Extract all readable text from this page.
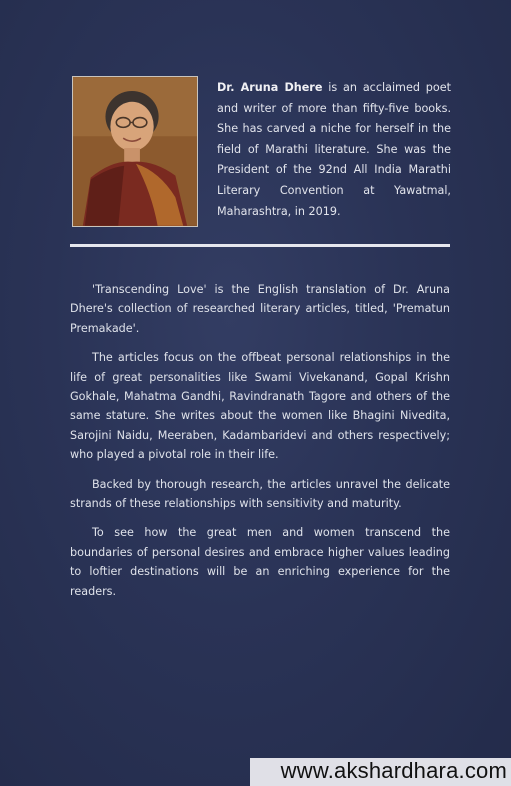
Dr. Aruna Dhere is an acclaimed poet and writer of more than fifty-five books. She has carved a niche for herself in the field of Marathi literature. She was the President of the 92nd All India Marathi Literary Convention at Yawatmal, Maharashtra, in 2019.

'Transcending Love' is the English translation of Dr. Aruna Dhere's collection of researched literary articles, titled, 'Prematun Premakade'.

The articles focus on the offbeat personal relationships in the life of great personalities like Swami Vivekanand, Gopal Krishn Gokhale, Mahatma Gandhi, Ravindranath Tagore and others of the same stature. She writes about the women like Bhagini Nivedita, Sarojini Naidu, Meeraben, Kadambaridevi and others respectively; who played a pivotal role in their life.

Backed by thorough research, the articles unravel the delicate strands of these relationships with sensitivity and maturity.

To see how the great men and women transcend the boundaries of personal desires and embrace higher values leading to loftier destinations will be an enriching experience for the readers.

www.akshardhara.com
